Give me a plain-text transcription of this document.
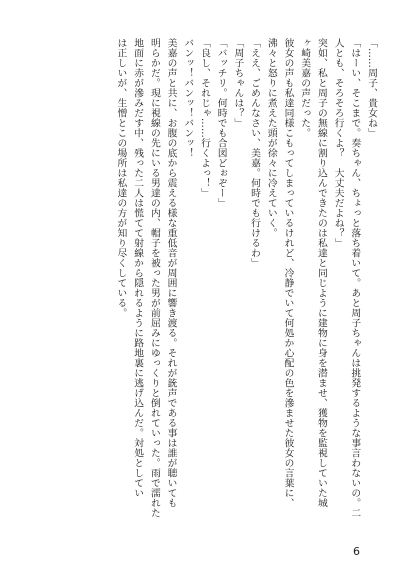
「……周子、貴女ね」
「はーい、そこまで。奏ちゃん、ちょっと落ち着いて。あと周子ちゃんは挑発するような事言わないの。二
人とも、そろそろ行くよ？　大丈夫だよね？」
突如、私と周子の無線に割り込んできたのは私達と同じように建物に身を潜ませ、獲物を監視していた城
ヶ崎美嘉の声だった。
彼女の声も私達同様こもってしまっているけれど、冷静でいて何処か心配の色を滲ませた彼女の言葉に、
沸々と怒りに煮えた頭が徐々に冷えていく。
「ええ、ごめんなさい、美嘉。何時でも行けるわ」
「周子ちゃんは？」
「バッチリ。何時でも合図どぉぞー」
「良し、それじゃ……行くよっ！」
バンッ！バンッ！バンッ！
美嘉の声と共に、お腹の底から震える様な重低音が周囲に響き渡る。それが銃声である事は誰が聴いても
明らかだ。現に視線の先にいる男達の内、帽子を被った男が前屈みにゆっくりと倒れていった。雨で濡れた
地面に赤が滲みだす中、残った二人は慌てて射線から隠れるように路地裏に逃げ込んだ。対処としてい
は正しいが、生憎とこの場所は私達の方が知り尽くしている。
6
